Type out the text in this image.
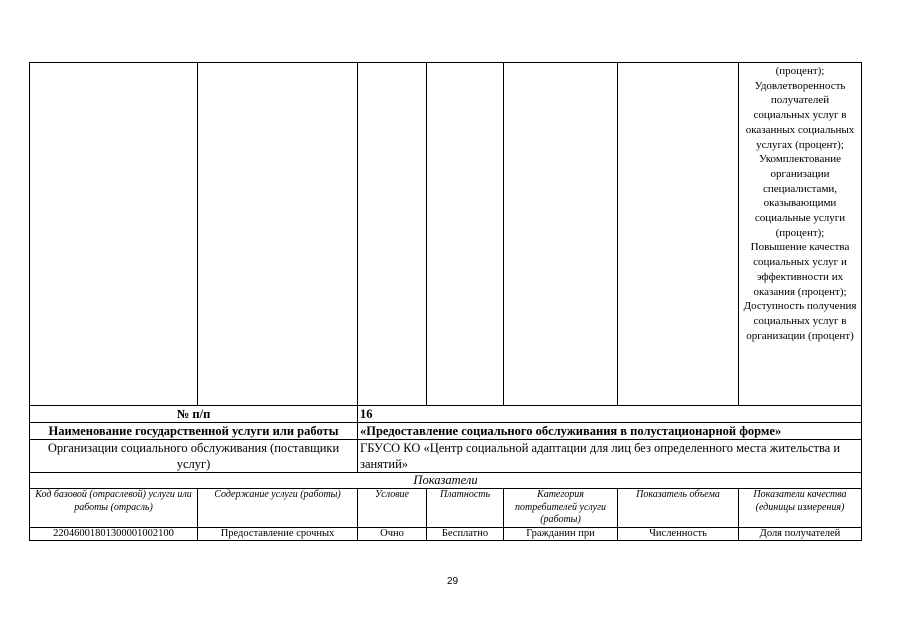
						(процент);
Удовлетворенность получателей социальных услуг в оказанных социальных услугах (процент);
Укомплектование организации специалистами, оказывающими социальные услуги (процент);
Повышение качества социальных услуг и эффективности их оказания (процент);
Доступность получения социальных услуг в организации (процент)
№ п/п		16				
Наименование государственной услуги или работы		«Предоставление социального обслуживания в полустационарной форме»				
Организации социального обслуживания (поставщики услуг)		ГБУСО КО «Центр социальной адаптации для лиц без определенного места жительства и занятий»				
Показатели						
Код базовой (отраслевой) услуги или работы (отрасль)	Содержание услуги (работы)	Условие	Платность	Категория потребителей услуги (работы)	Показатель объема	Показатели качества (единицы измерения)
22046001801300001002100	Предоставление срочных	Очно	Бесплатно	Гражданин при	Численность	Доля получателей
29
